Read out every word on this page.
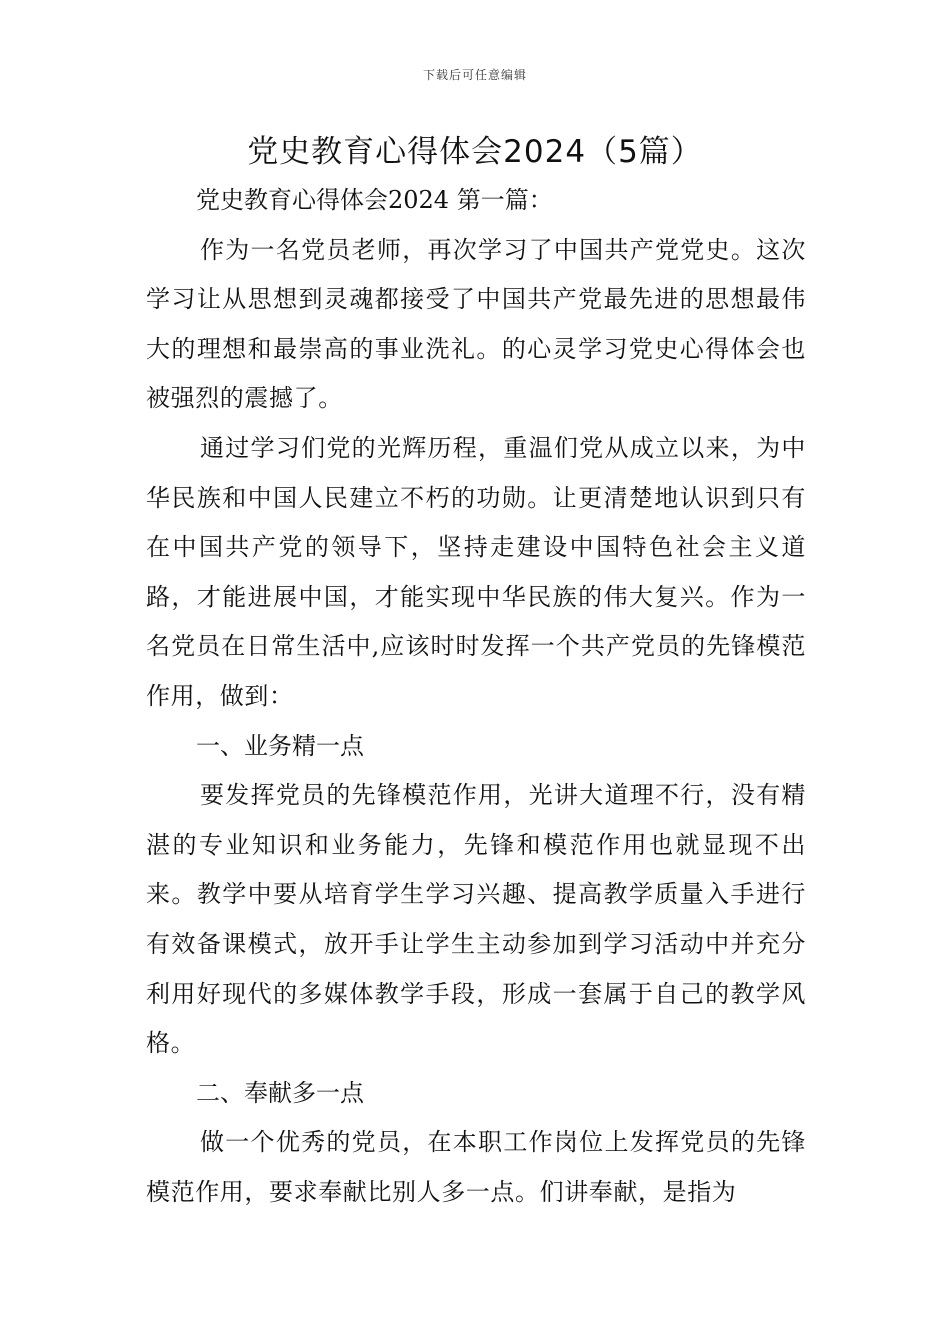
下载后可任意编辑
党史教育心得体会2024（5篇）

党史教育心得体会2024 第一篇：

作为一名党员老师，再次学习了中国共产党党史。这次学习让从思想到灵魂都接受了中国共产党最先进的思想最伟大的理想和最崇高的事业洗礼。的心灵学习党史心得体会也被强烈的震撼了。

通过学习们党的光辉历程，重温们党从成立以来，为中华民族和中国人民建立不朽的功勋。让更清楚地认识到只有在中国共产党的领导下，坚持走建设中国特色社会主义道路，才能进展中国，才能实现中华民族的伟大复兴。作为一名党员在日常生活中,应该时时发挥一个共产党员的先锋模范作用，做到：

一、业务精一点

要发挥党员的先锋模范作用，光讲大道理不行，没有精湛的专业知识和业务能力，先锋和模范作用也就显现不出来。教学中要从培育学生学习兴趣、提高教学质量入手进行有效备课模式，放开手让学生主动参加到学习活动中并充分利用好现代的多媒体教学手段，形成一套属于自己的教学风格。

二、奉献多一点

做一个优秀的党员，在本职工作岗位上发挥党员的先锋模范作用，要求奉献比别人多一点。们讲奉献，是指为
